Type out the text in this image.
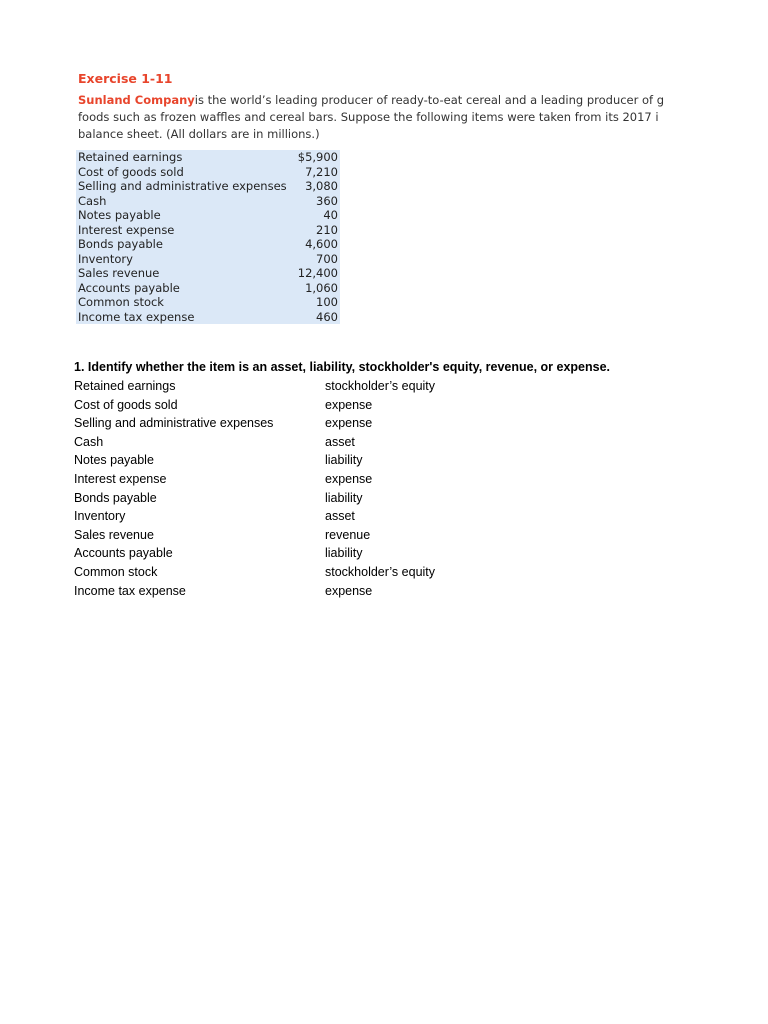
Exercise 1-11
Sunland Companyis the world’s leading producer of ready-to-eat cereal and a leading producer of g
foods such as frozen waffles and cereal bars. Suppose the following items were taken from its 2017 i
balance sheet. (All dollars are in millions.)
Retained earnings	$5,900
Cost of goods sold	7,210
Selling and administrative expenses	3,080
Cash	360
Notes payable	40
Interest expense	210
Bonds payable	4,600
Inventory	700
Sales revenue	12,400
Accounts payable	1,060
Common stock	100
Income tax expense	460
1. Identify whether the item is an asset, liability, stockholder's equity, revenue, or expense.
Retained earnings	stockholder’s equity
Cost of goods sold	expense
Selling and administrative expenses	expense
Cash	asset
Notes payable	liability
Interest expense	expense
Bonds payable	liability
Inventory	asset
Sales revenue	revenue
Accounts payable	liability
Common stock	stockholder’s equity
Income tax expense	expense
